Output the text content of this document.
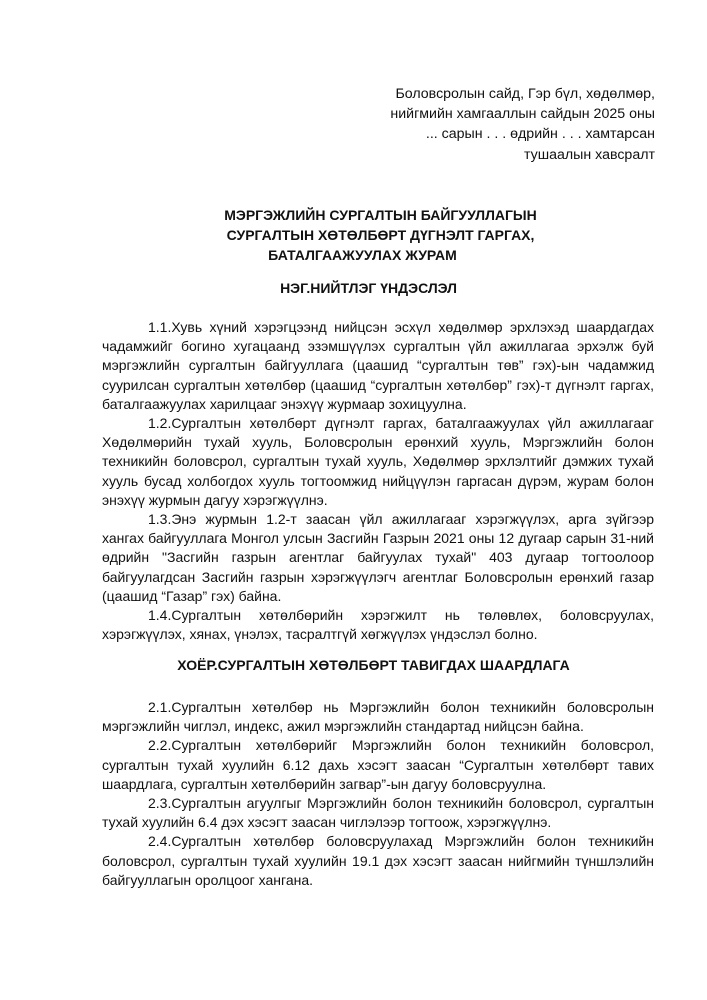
Боловсролын сайд, Гэр бүл, хөдөлмөр,
нийгмийн хамгааллын сайдын 2025 оны
... сарын . . . өдрийн . . . хамтарсан
тушаалын хавсралт
МЭРГЭЖЛИЙН СУРГАЛТЫН БАЙГУУЛЛАГЫН
СУРГАЛТЫН ХӨТӨЛБӨРТ ДҮГНЭЛТ ГАРГАХ,
БАТАЛГААЖУУЛАХ ЖУРАМ
НЭГ.НИЙТЛЭГ ҮНДЭСЛЭЛ

1.1.Хувь хүний хэрэгцээнд нийцсэн эсхүл хөдөлмөр эрхлэхэд шаардагдах чадамжийг богино хугацаанд эзэмшүүлэх сургалтын үйл ажиллагаа эрхэлж буй мэргэжлийн сургалтын байгууллага (цаашид “сургалтын төв” гэх)-ын чадамжид суурилсан сургалтын хөтөлбөр (цаашид “сургалтын хөтөлбөр” гэх)-т дүгнэлт гаргах, баталгаажуулах харилцааг энэхүү журмаар зохицуулна.

1.2.Сургалтын хөтөлбөрт дүгнэлт гаргах, баталгаажуулах үйл ажиллагааг Хөдөлмөрийн тухай хууль, Боловсролын ерөнхий хууль, Мэргэжлийн болон техникийн боловсрол, сургалтын тухай хууль, Хөдөлмөр эрхлэлтийг дэмжих тухай хууль бусад холбогдох хууль тогтоомжид нийцүүлэн гаргасан дүрэм, журам болон энэхүү журмын дагуу хэрэгжүүлнэ.

1.3.Энэ журмын 1.2-т заасан үйл ажиллагааг хэрэгжүүлэх, арга зүйгээр хангах байгууллага Монгол улсын Засгийн Газрын 2021 оны 12 дугаар сарын 31-ний өдрийн "Засгийн газрын агентлаг байгуулах тухай" 403 дугаар тогтоолоор байгуулагдсан Засгийн газрын хэрэгжүүлэгч агентлаг Боловсролын ерөнхий газар (цаашид “Газар” гэх) байна.

1.4.Сургалтын хөтөлбөрийн хэрэгжилт нь төлөвлөх, боловсруулах, хэрэгжүүлэх, хянах, үнэлэх, тасралтгүй хөгжүүлэх үндэслэл болно.

ХОЁР.СУРГАЛТЫН ХӨТӨЛБӨРТ ТАВИГДАХ ШААРДЛАГА

2.1.Сургалтын хөтөлбөр нь Мэргэжлийн болон техникийн боловсролын мэргэжлийн чиглэл, индекс, ажил мэргэжлийн стандартад нийцсэн байна.

2.2.Сургалтын хөтөлбөрийг Мэргэжлийн болон техникийн боловсрол, сургалтын тухай хуулийн 6.12 дахь хэсэгт заасан “Сургалтын хөтөлбөрт тавих шаардлага, сургалтын хөтөлбөрийн загвар”-ын дагуу боловсруулна.

2.3.Сургалтын агуулгыг Мэргэжлийн болон техникийн боловсрол, сургалтын тухай хуулийн 6.4 дэх хэсэгт заасан чиглэлээр тогтоож, хэрэгжүүлнэ.

2.4.Сургалтын хөтөлбөр боловсруулахад Мэргэжлийн болон техникийн боловсрол, сургалтын тухай хуулийн 19.1 дэх хэсэгт заасан нийгмийн түншлэлийн байгууллагын оролцоог хангана.
